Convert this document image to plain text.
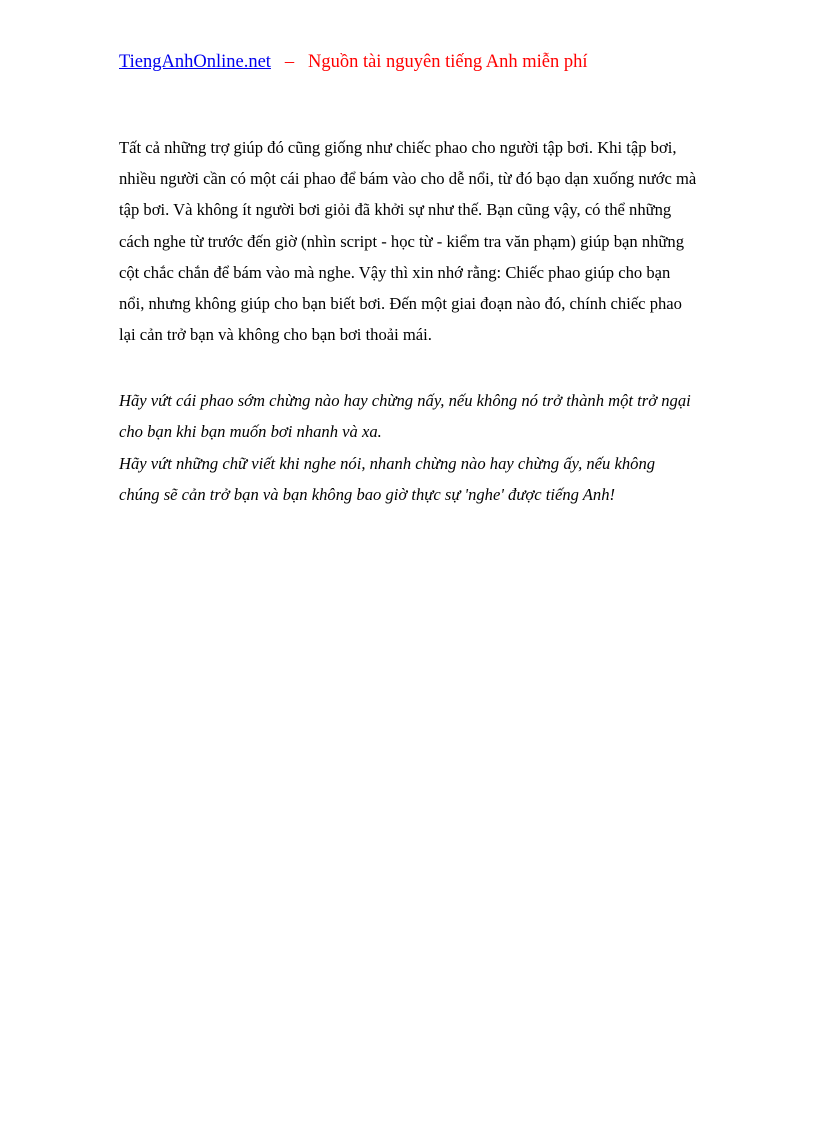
TiengAnhOnline.net – Nguồn tài nguyên tiếng Anh miễn phí

Tất cả những trợ giúp đó cũng giống như chiếc phao cho người tập bơi. Khi tập bơi, nhiều người cần có một cái phao để bám vào cho dễ nổi, từ đó bạo dạn xuống nước mà tập bơi. Và không ít người bơi giỏi đã khởi sự như thế. Bạn cũng vậy, có thể những cách nghe từ trước đến giờ (nhìn script - học từ - kiểm tra văn phạm) giúp bạn những cột chắc chắn để bám vào mà nghe. Vậy thì xin nhớ rằng: Chiếc phao giúp cho bạn nổi, nhưng không giúp cho bạn biết bơi. Đến một giai đoạn nào đó, chính chiếc phao lại cản trở bạn và không cho bạn bơi thoải mái.

Hãy vứt cái phao sớm chừng nào hay chừng nấy, nếu không nó trở thành một trở ngại cho bạn khi bạn muốn bơi nhanh và xa.
Hãy vứt những chữ viết khi nghe nói, nhanh chừng nào hay chừng ấy, nếu không chúng sẽ cản trở bạn và bạn không bao giờ thực sự 'nghe' được tiếng Anh!
